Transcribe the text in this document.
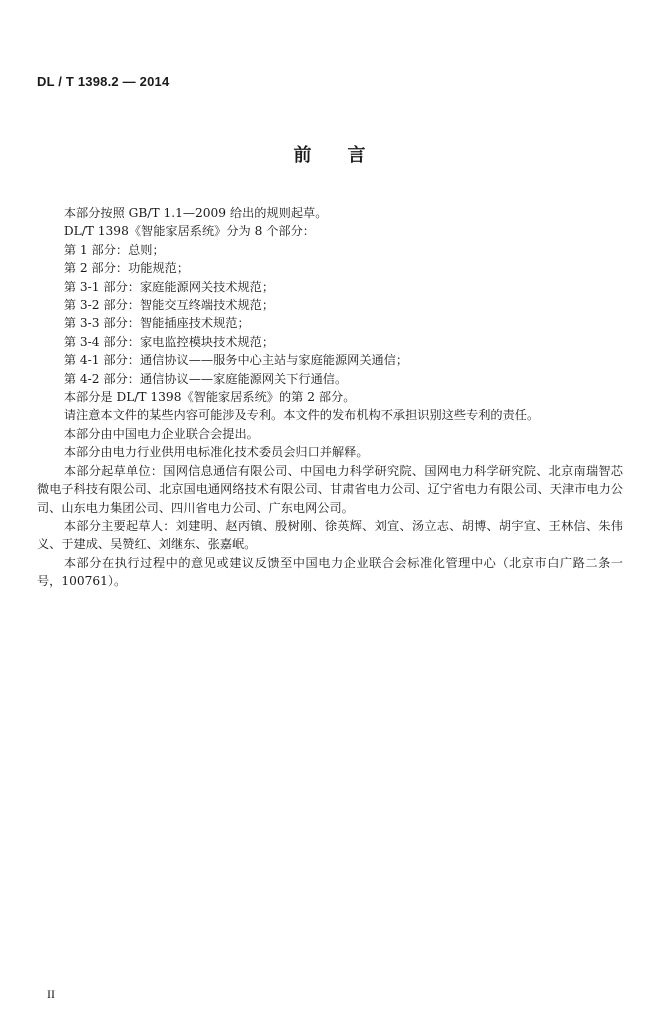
DL / T 1398.2 — 2014
前 言

本部分按照 GB/T 1.1—2009 给出的规则起草。

DL/T 1398《智能家居系统》分为 8 个部分：

第 1 部分：总则；

第 2 部分：功能规范；

第 3-1 部分：家庭能源网关技术规范；

第 3-2 部分：智能交互终端技术规范；

第 3-3 部分：智能插座技术规范；

第 3-4 部分：家电监控模块技术规范；

第 4-1 部分：通信协议——服务中心主站与家庭能源网关通信；

第 4-2 部分：通信协议——家庭能源网关下行通信。

本部分是 DL/T 1398《智能家居系统》的第 2 部分。

请注意本文件的某些内容可能涉及专利。本文件的发布机构不承担识别这些专利的责任。

本部分由中国电力企业联合会提出。

本部分由电力行业供用电标准化技术委员会归口并解释。

本部分起草单位：国网信息通信有限公司、中国电力科学研究院、国网电力科学研究院、北京南瑞智芯微电子科技有限公司、北京国电通网络技术有限公司、甘肃省电力公司、辽宁省电力有限公司、天津市电力公司、山东电力集团公司、四川省电力公司、广东电网公司。

本部分主要起草人：刘建明、赵丙镇、殷树刚、徐英辉、刘宣、汤立志、胡博、胡宇宣、王林信、朱伟义、于建成、吴赞红、刘继东、张嘉岷。

本部分在执行过程中的意见或建议反馈至中国电力企业联合会标准化管理中心（北京市白广路二条一号，100761）。

II
